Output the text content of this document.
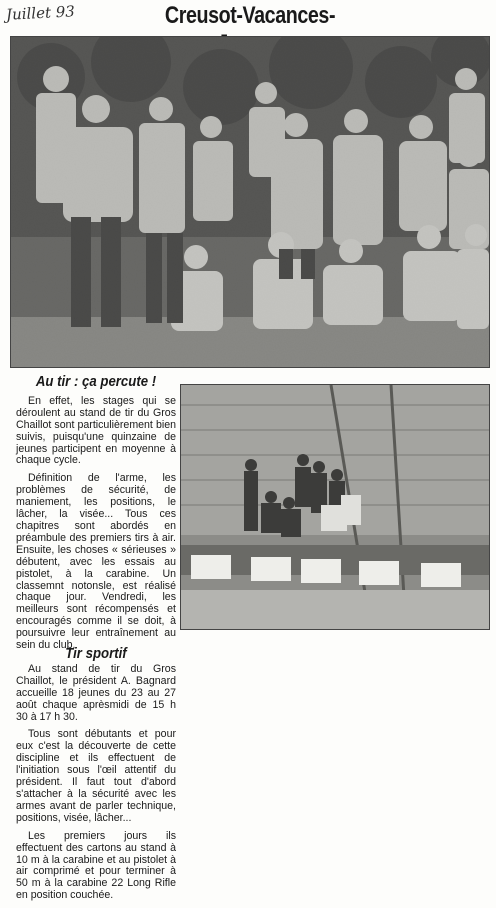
Juillet 93	Creusot-Vacances-
Au tir : ça percute !

En effet, les stages qui se déroulent au stand de tir du Gros Chaillot sont particulièrement bien suivis, puisqu'une quinzaine de jeunes participent en moyenne à chaque cycle.

Définition de l'arme, les problèmes de sécurité, de maniement, les positions, le lâcher, la visée... Tous ces chapitres sont abordés en préambule des premiers tirs à air. Ensuite, les choses « sérieuses » débutent, avec les essais au pistolet, à la carabine. Un classemnt notonsle, est réalisé chaque jour. Vendredi, les meilleurs sont récompensés et encouragés comme il se doit, à poursuivre leur entraînement au sein du club.

Tir sportif

Au stand de tir du Gros Chaillot, le président A. Bagnard accueille 18 jeunes du 23 au 27 août chaque aprèsmidi de 15 h 30 à 17 h 30.

Tous sont débutants et pour eux c'est la découverte de cette discipline et ils effectuent de l'initiation sous l'œil attentif du président. Il faut tout d'abord s'attacher à la sécurité avec les armes avant de parler technique, positions, visée, lâcher...

Les premiers jours ils effectuent des cartons au stand à 10 m à la carabine et au pistolet à air comprimé et pour terminer à 50 m à la carabine 22 Long Rifle en position couchée.
